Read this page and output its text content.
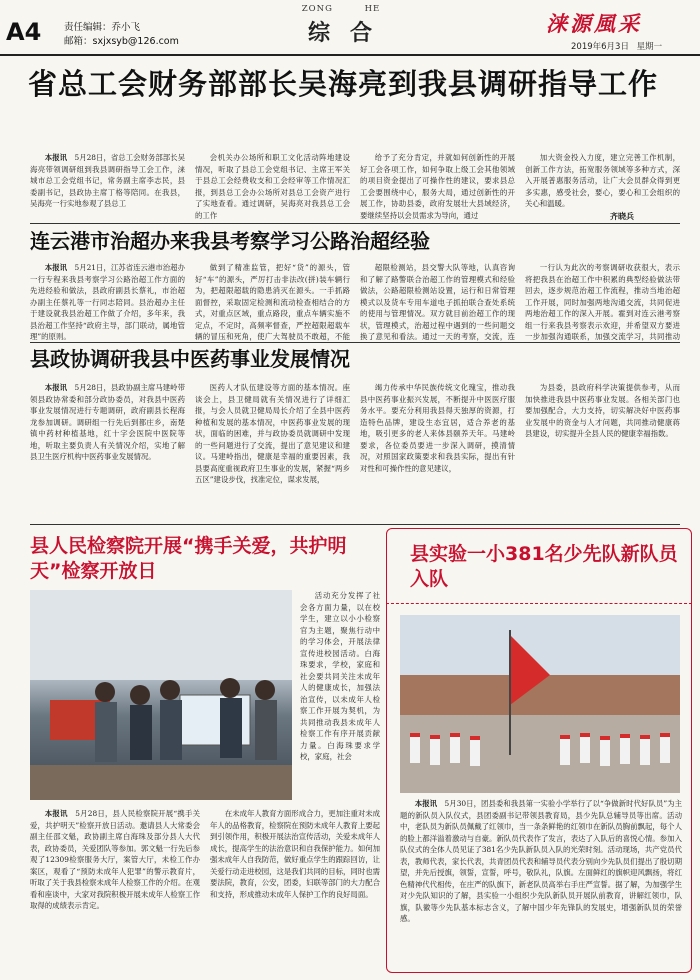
A4 责任编辑：乔小飞
邮箱：sxjxsyb@126.com
ZONG	HE
综合	涞源風采
2019年6月3日 星期一
省总工会财务部部长吴海亮到我县调研指导工作

本报讯　 5月28日，省总工会财务部部长吴海亮带领调研组到我县调研指导工会工作，涞城市总工会党组书记，常务副主席李志民，县委副书记，县政协主席丁格等陪同。在我县，吴海亮一行实地参观了县总工

会机关办公场所和职工文化活动阵地建设情况，听取了县总工会党组书记、主席王军关于县总工会经费收支和工会经审等工作情况汇报，到县总工会办公场所对县总工会资产进行了实地查看。通过调研，吴海亮对我县总工会的工作

给予了充分肯定，并就如何创新性的开展好工会各项工作，如何争取上级工会其他领域的项目资金提出了可操作性的建议，要求县总工会要围绕中心，服务大局，通过创新性的开展工作，协助县委，政府发展壮大县域经济，要继续坚持以会员需求为导向，通过

加大资金投入力度，建立完善工作机制，创新工作方法，拓宽服务领域等多种方式，深入开展普惠服务活动，让广大会员群众得到更多实惠，感受社会，要心，要心和工会组织的关心和温暖。

齐晓兵
连云港市治超办来我县考察学习公路治超经验

本报讯　 5月21日，江苏省连云港市治超办一行专程来我县考察学习公路治超工作方面的先进经验和做法，县政府副县长蔡礼，市治超办副主任蔡礼等一行同志陪同。县治超办主任于建设就我县治超工作做了介绍，多年来，我县治超工作坚持“政府主导，部门联动，属地管理”的原则。

做到了精准监管，把好“货”的源头，管好“车”的源头，严厉打击非法改(拼)装车辆行为，把超限超载的隐患消灭在源头。一手抓路面督控，采取固定检测和流动检查相结合的方式，对重点区域，重点路段，重点车辆实施不定点，不定时，高频率督查，严控超限超载车辆的冒压和死角，使广大驾驶员不敢超，不能

超限检测站，县交警大队等地，认真咨询和了解了路警联合治超工作的管理模式和经验做法，公路超限检测站设置，运行和日常管理模式以及货车专用车道电子抓拍联合查处系统的使用与管理情况。双方就目前治超工作的现状，管理模式，治超过程中遇到的一些问题交换了意见和看法。通过一天的考察，交流，连

一行认为此次的考察调研收获很大，表示将把我县在治超工作中积累的典型经验做法带回去，逐步规范治超工作流程，推动当地治超工作开展，同时加强两地沟通交流，共同促进两地治超工作的深入开展。霍到对连云港考察组一行来我县考察表示欢迎，并希望双方要进一步加强沟通联系，加强交流学习，共同推动

县政协调研我县中医药事业发展情况

本报讯　 5月28日，县政协副主席马建岭带领县政协常委和部分政协委员，对我县中医药事业发展情况进行专题调研，政府副县长程海龙参加调研。调研组一行先后到都庄乡，南楚镇中药材种植基地，红十字会医院中医院等地，听取主要负责人有关情况介绍，实地了解县卫生医疗机构中医药事业发展情况。

医药人才队伍建设等方面的基本情况。座谈会上，县卫健局就有关情况进行了详细汇报，与会人员就卫健局局长介绍了全县中医药种植和发展的基本情况，中医药事业发展的现状，面临的困难，并与政协委员就调研中发现的一些问题进行了交流，提出了意见建议和建议。马建岭指出，健康是幸福的重要因素，我县要高度重视政府卫生事业的发展，紧握“两乡五区”建设步伐，找准定位，谋求发展，

竭力传承中华民族传统文化瑰宝，推动我县中医药事业振兴发展，不断提升中医医疗服务水平。要充分利用我县得天独厚的资源，打造特色品牌，建设生态宜居，适合养老的基地，吸引更多的老人来体县颐养天年。马建岭要求，各位委员要进一步深入调研，摸清情况，对照国家政策要求和我县实际，提出有针对性和可操作性的意见建议，

为县委，县政府科学决策提供参考，从而加快推进我县中医药事业发展。各相关部门也要加强配合，大力支持，切实解决好中医药事业发展中的资金与人才问题，共同推动健康蒋县建设，切实提升全县人民的健康幸福指数。

县人民检察院开展“携手关爱，共护明天”检察开放日

活动充分发挥了社会各方面力量，以在校学生，建立以小小检察官为主题，聚焦行动中的学习体会，开展法律宣传进校园活动。白海珠要求，学校，家庭和社会要共同关注未成年人的健康成长，加强法治宣传，以未成年人检察工作开展为契机，为共同推动我县未成年人检察工作有序开展贡献力量。白海珠要求学校，家庭，社会

本报讯　 5月28日，县人民检察院开展“携手关爱，共护明天”检察开放日活动。邀请县人大常委会副主任邵文魁，政协副主席白海珠及部分县人大代表，政协委员，关爱团队等参加。郭文魁一行先后参观了12309检察服务大厅，案管大厅，未检工作办案区，观看了“预防未成年人犯罪”的警示教育片，听取了关于我县检察未成年人检察工作的介绍。在观看和座谈中，大家对我院积极开展未成年人检察工作取得的成绩表示肯定。

在未成年人教育方面形成合力，更加注重对未成年人的品格教育，检察院在预防未成年人教育上要起到引领作用，积极开展法治宣传活动，关爱未成年人成长，提高学生的法治意识和自我保护能力。如何加强未成年人自我防范，做好重点学生的跟踪回访，让关爱行动走进校园，这是我们共同的目标，同时也需要法院，教育，公安，团委，妇联等部门的大力配合和支持，形成推动未成年人保护工作的良好局面。

县实验一小381名少先队新队员入队

本报讯　 5月30日，团县委和我县第一实验小学举行了以“争做新时代好队员”为主题的新队员入队仪式，县团委副书记带领县教育局，县少先队总辅导员等出席。活动中，老队员为新队员佩戴了红领巾，当一条条鲜艳的红领巾在新队员胸前飘起，每个人的脸上都洋溢着激动与自豪。新队员代表作了发言，表达了入队后的喜悦心情。参加入队仪式的全体人员见证了381名少先队新队员入队的光荣时刻。活动现场，共产党员代表，教师代表，家长代表，共青团员代表和辅导员代表分别向少先队员们提出了殷切期望，并先后授旗，领誓，宣誓，呼号，敬队礼，队旗。左面鲜红的旗帜迎风飘扬，将红色精神代代相传，在庄严的队旗下，新老队员高举右手庄严宣誓。据了解，为加强学生对少先队知识的了解，县实验一小组织少先队新队员开展队前教育，讲解红领巾，队旗，队徽等少先队基本标志含义，了解中国少年先锋队的发展史，增强新队员的荣誉感。
